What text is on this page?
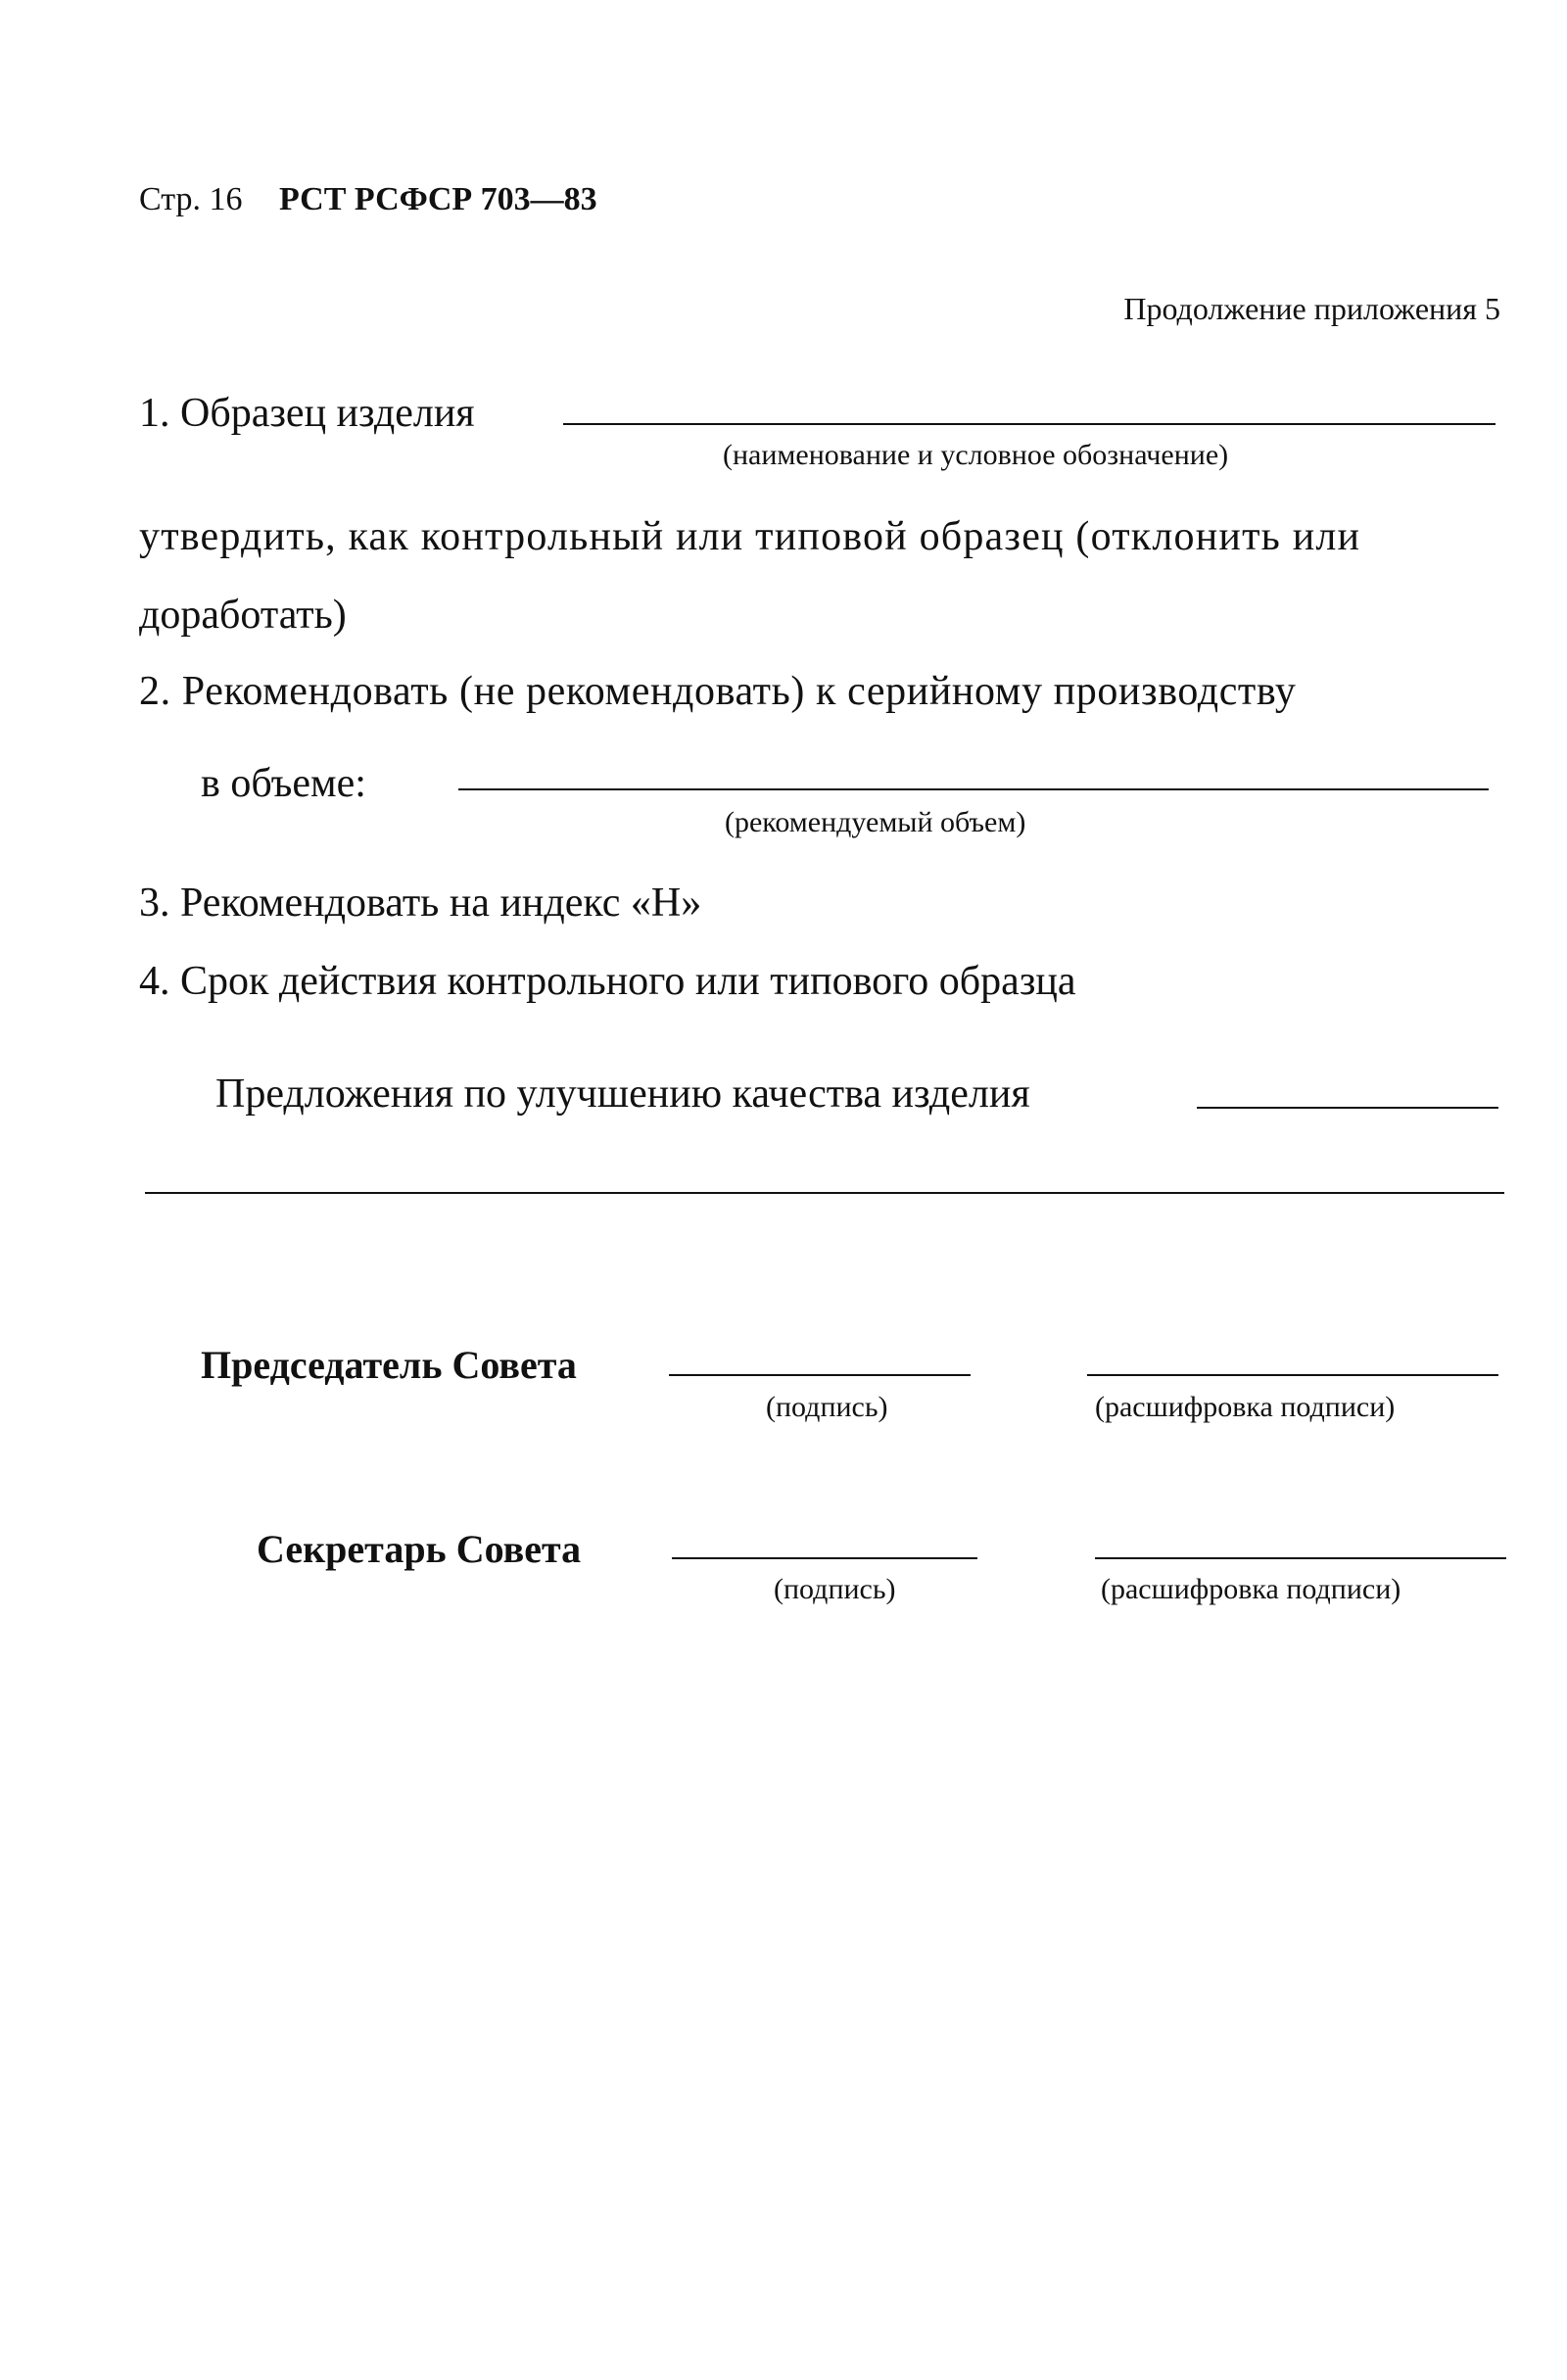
Стр. 16 РСТ РСФСР 703—83
Продолжение приложения 5
1. Образец изделия
(наименование и условное обозначение)
утвердить, как контрольный или типовой образец (отклонить или
доработать)
2. Рекомендовать (не рекомендовать) к серийному производству
в объеме:
(рекомендуемый объем)
3. Рекомендовать на индекс «Н»
4. Срок действия контрольного или типового образца
Предложения по улучшению качества изделия
Председатель Совета
(подпись)	(расшифровка подписи)
Секретарь Совета
(подпись)	(расшифровка подписи)
